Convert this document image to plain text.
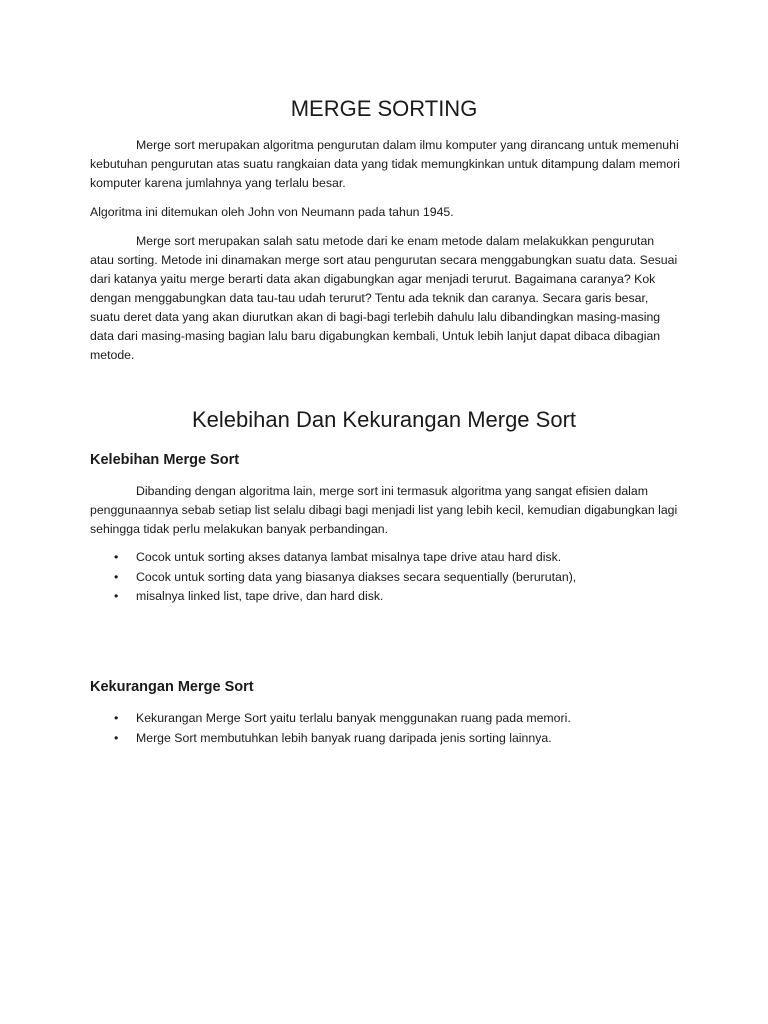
MERGE SORTING

Merge sort merupakan algoritma pengurutan dalam ilmu komputer yang dirancang untuk memenuhi kebutuhan pengurutan atas suatu rangkaian data yang tidak memungkinkan untuk ditampung dalam memori komputer karena jumlahnya yang terlalu besar.

Algoritma ini ditemukan oleh John von Neumann pada tahun 1945.

Merge sort merupakan salah satu metode dari ke enam metode dalam melakukkan pengurutan atau sorting. Metode ini dinamakan merge sort atau pengurutan secara menggabungkan suatu data. Sesuai dari katanya yaitu merge berarti data akan digabungkan agar menjadi terurut. Bagaimana caranya? Kok dengan menggabungkan data tau-tau udah terurut? Tentu ada teknik dan caranya. Secara garis besar, suatu deret data yang akan diurutkan akan di bagi-bagi terlebih dahulu lalu dibandingkan masing-masing data dari masing-masing bagian lalu baru digabungkan kembali, Untuk lebih lanjut dapat dibaca dibagian metode.

Kelebihan Dan Kekurangan Merge Sort
Kelebihan Merge Sort

Dibanding dengan algoritma lain, merge sort ini termasuk algoritma yang sangat efisien dalam penggunaannya sebab setiap list selalu dibagi bagi menjadi list yang lebih kecil, kemudian digabungkan lagi sehingga tidak perlu melakukan banyak perbandingan.

• Cocok untuk sorting akses datanya lambat misalnya tape drive atau hard disk.
• Cocok untuk sorting data yang biasanya diakses secara sequentially (berurutan),
• misalnya linked list, tape drive, dan hard disk.
Kekurangan Merge Sort
• Kekurangan Merge Sort yaitu terlalu banyak menggunakan ruang pada memori.
• Merge Sort membutuhkan lebih banyak ruang daripada jenis sorting lainnya.
